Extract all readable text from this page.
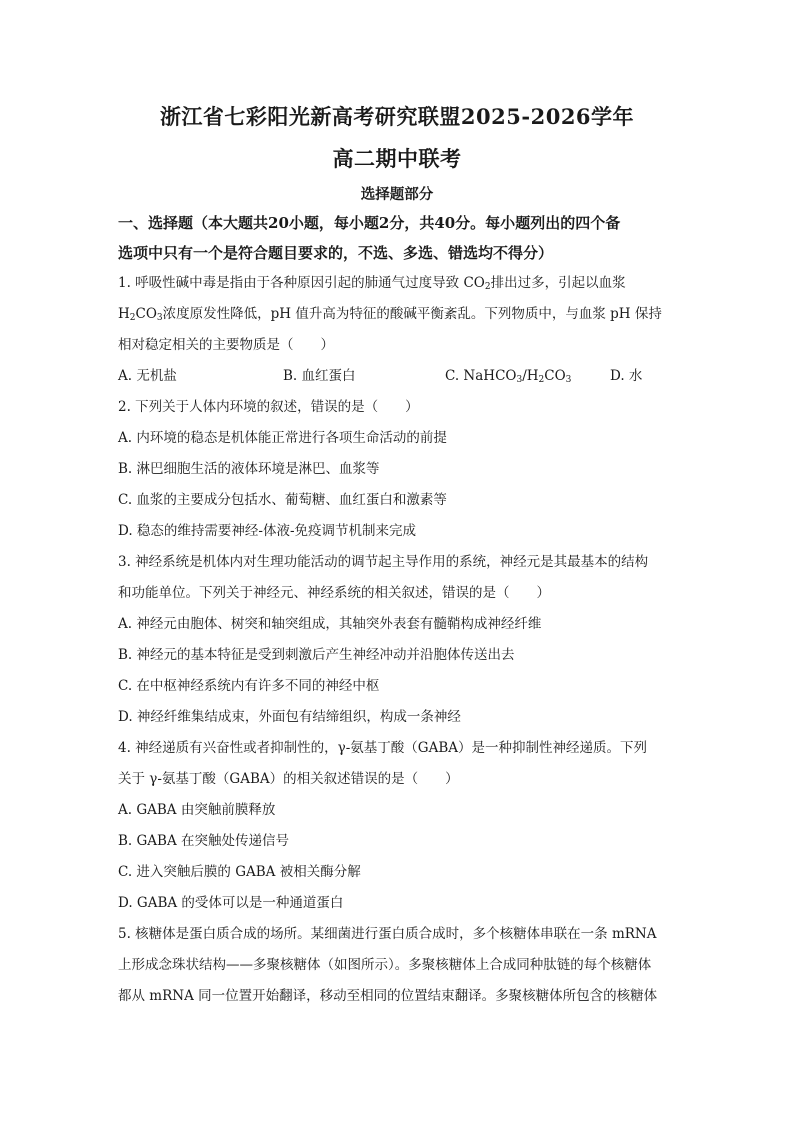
浙江省七彩阳光新高考研究联盟2025-2026学年
高二期中联考
选择题部分
一、选择题（本大题共20小题，每小题2分，共40分。每小题列出的四个备
选项中只有一个是符合题目要求的，不选、多选、错选均不得分）
1. 呼吸性碱中毒是指由于各种原因引起的肺通气过度导致 $CO_2$排出过多，引起以血浆
$H_2CO_3$浓度原发性降低，pH 值升高为特征的酸碱平衡紊乱。下列物质中，与血浆 pH 保持
相对稳定相关的主要物质是（　　）
A. 无机盐	B. 血红蛋白	C. $NaHCO_3/H_2CO_3$	D. 水
2. 下列关于人体内环境的叙述，错误的是（　　）
A. 内环境的稳态是机体能正常进行各项生命活动的前提
B. 淋巴细胞生活的液体环境是淋巴、血浆等
C. 血浆的主要成分包括水、葡萄糖、血红蛋白和激素等
D. 稳态的维持需要神经-体液-免疫调节机制来完成
3. 神经系统是机体内对生理功能活动的调节起主导作用的系统，神经元是其最基本的结构
和功能单位。下列关于神经元、神经系统的相关叙述，错误的是（　　）
A. 神经元由胞体、树突和轴突组成，其轴突外表套有髓鞘构成神经纤维
B. 神经元的基本特征是受到刺激后产生神经冲动并沿胞体传送出去
C. 在中枢神经系统内有许多不同的神经中枢
D. 神经纤维集结成束，外面包有结缔组织，构成一条神经
4. 神经递质有兴奋性或者抑制性的，γ-氨基丁酸（GABA）是一种抑制性神经递质。下列
关于 γ-氨基丁酸（GABA）的相关叙述错误的是（　　）
A. GABA 由突触前膜释放
B. GABA 在突触处传递信号
C. 进入突触后膜的 GABA 被相关酶分解
D. GABA 的受体可以是一种通道蛋白
5. 核糖体是蛋白质合成的场所。某细菌进行蛋白质合成时，多个核糖体串联在一条 mRNA
上形成念珠状结构——多聚核糖体（如图所示）。多聚核糖体上合成同种肽链的每个核糖体
都从 mRNA 同一位置开始翻译，移动至相同的位置结束翻译。多聚核糖体所包含的核糖体
